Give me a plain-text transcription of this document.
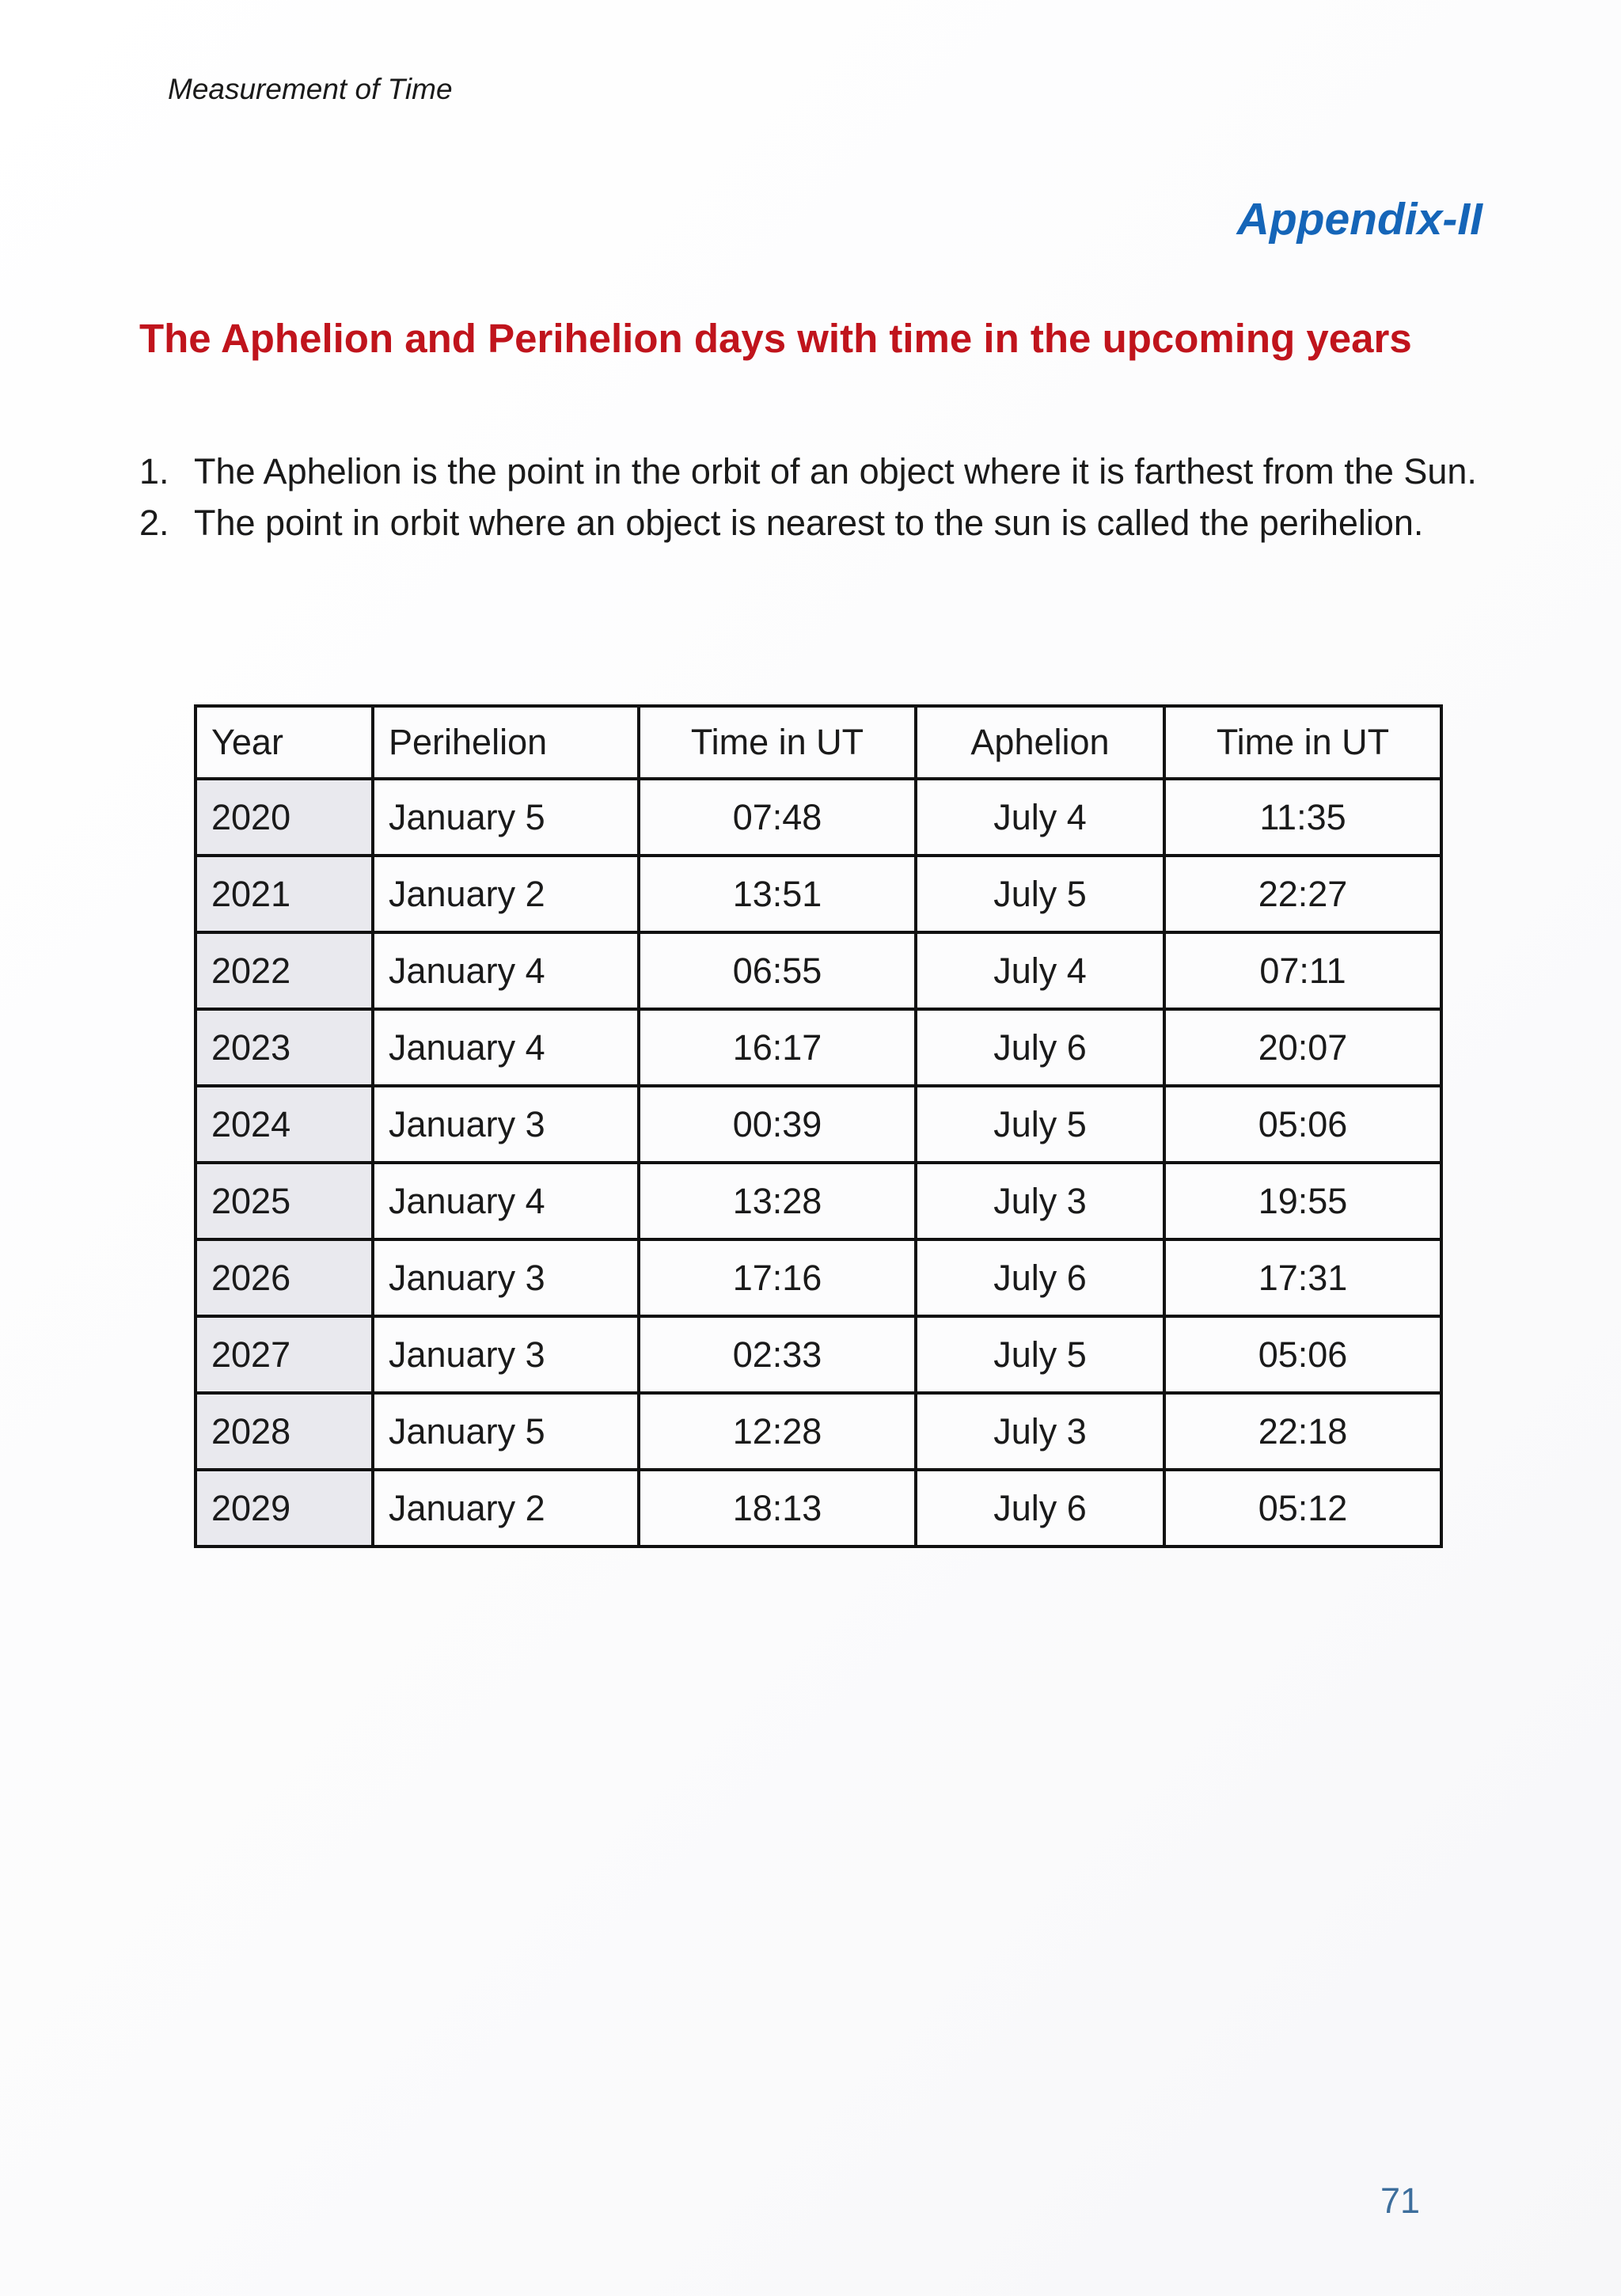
Measurement of Time
Appendix-II
The Aphelion and Perihelion days with time in the upcoming years
1. The Aphelion is the point in the orbit of an object where it is farthest from the Sun.
2. The point in orbit where an object is nearest to the sun is called the perihelion.
Year	Perihelion	Time in UT	Aphelion	Time in UT
2020	January 5	07:48	July 4	11:35
2021	January 2	13:51	July 5	22:27
2022	January 4	06:55	July 4	07:11
2023	January 4	16:17	July 6	20:07
2024	January 3	00:39	July 5	05:06
2025	January 4	13:28	July 3	19:55
2026	January 3	17:16	July 6	17:31
2027	January 3	02:33	July 5	05:06
2028	January 5	12:28	July 3	22:18
2029	January 2	18:13	July 6	05:12
71
